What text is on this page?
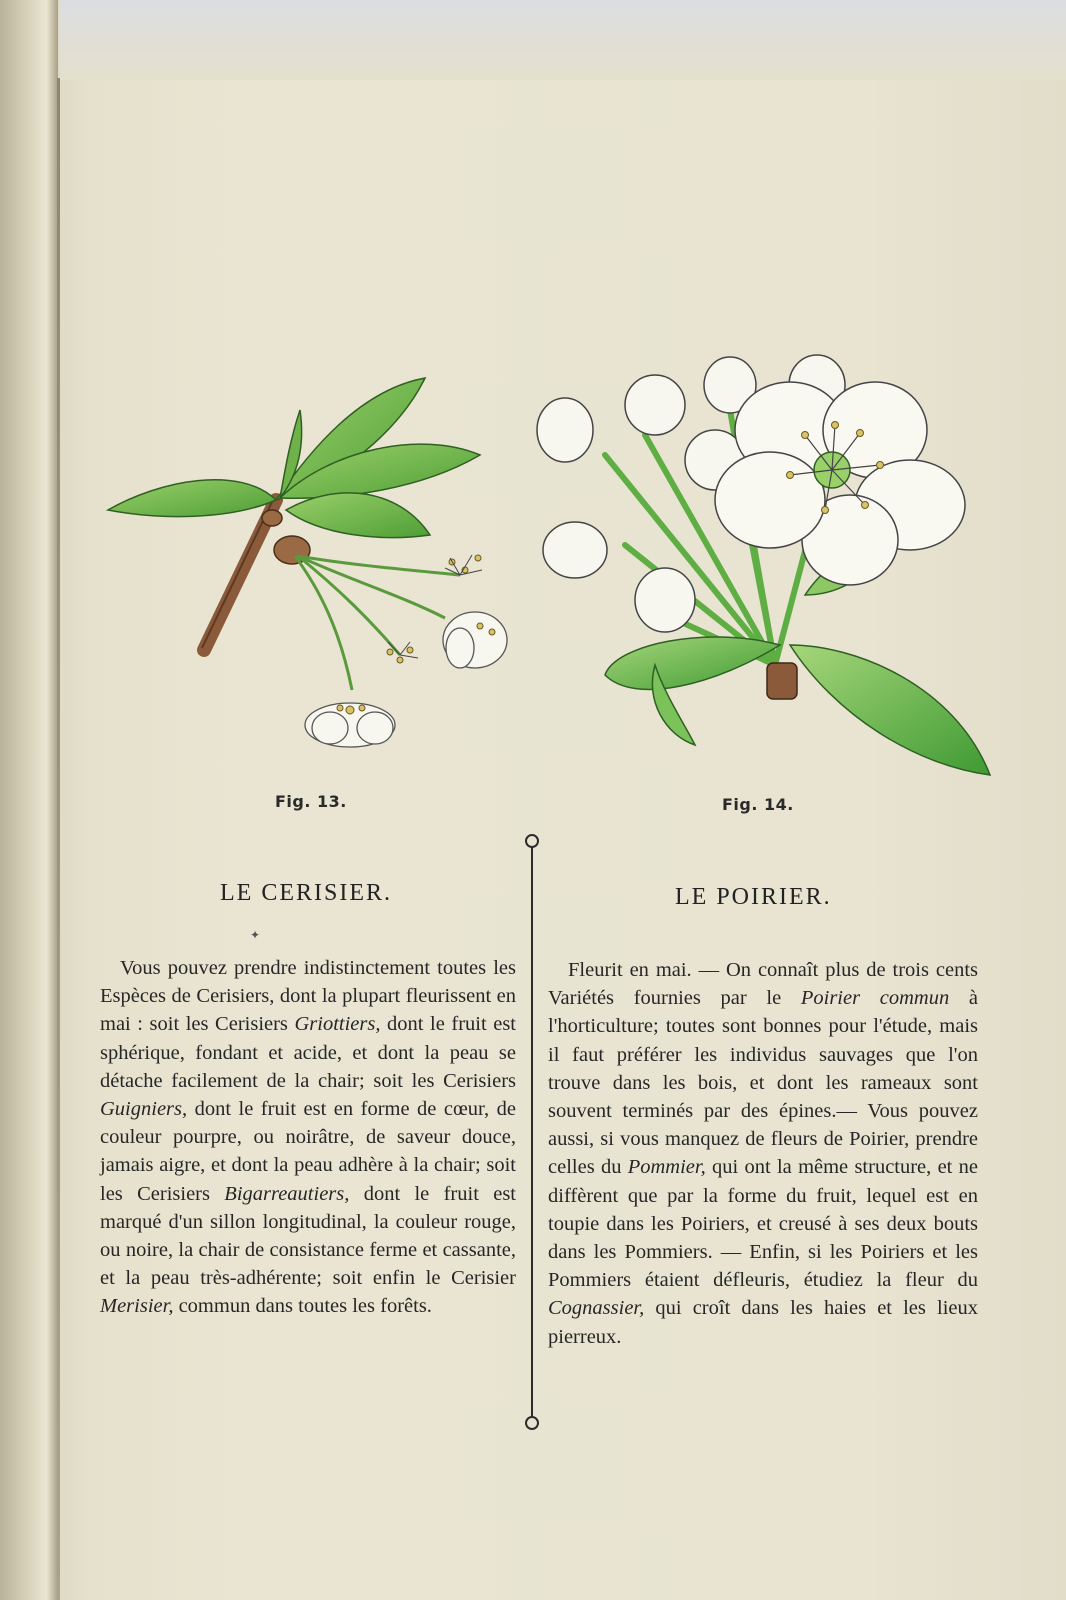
Fig. 13.	Fig. 14.
LE CERISIER.
✦

Vous pouvez prendre indistinctement toutes les Espèces de Cerisiers, dont la plupart fleurissent en mai : soit les Cerisiers Griottiers, dont le fruit est sphérique, fondant et acide, et dont la peau se détache facilement de la chair; soit les Cerisiers Guigniers, dont le fruit est en forme de cœur, de couleur pourpre, ou noirâtre, de saveur douce, jamais aigre, et dont la peau adhère à la chair; soit les Cerisiers Bigarreautiers, dont le fruit est marqué d'un sillon longitudinal, la couleur rouge, ou noire, la chair de consistance ferme et cassante, et la peau très-adhérente; soit enfin le Cerisier Merisier, commun dans toutes les forêts.

LE POIRIER.

Fleurit en mai. — On connaît plus de trois cents Variétés fournies par le Poirier commun à l'horticulture; toutes sont bonnes pour l'étude, mais il faut préférer les individus sauvages que l'on trouve dans les bois, et dont les rameaux sont souvent terminés par des épines.— Vous pouvez aussi, si vous manquez de fleurs de Poirier, prendre celles du Pommier, qui ont la même structure, et ne diffèrent que par la forme du fruit, lequel est en toupie dans les Poiriers, et creusé à ses deux bouts dans les Pommiers. — Enfin, si les Poiriers et les Pommiers étaient défleuris, étudiez la fleur du Cognassier, qui croît dans les haies et les lieux pierreux.
